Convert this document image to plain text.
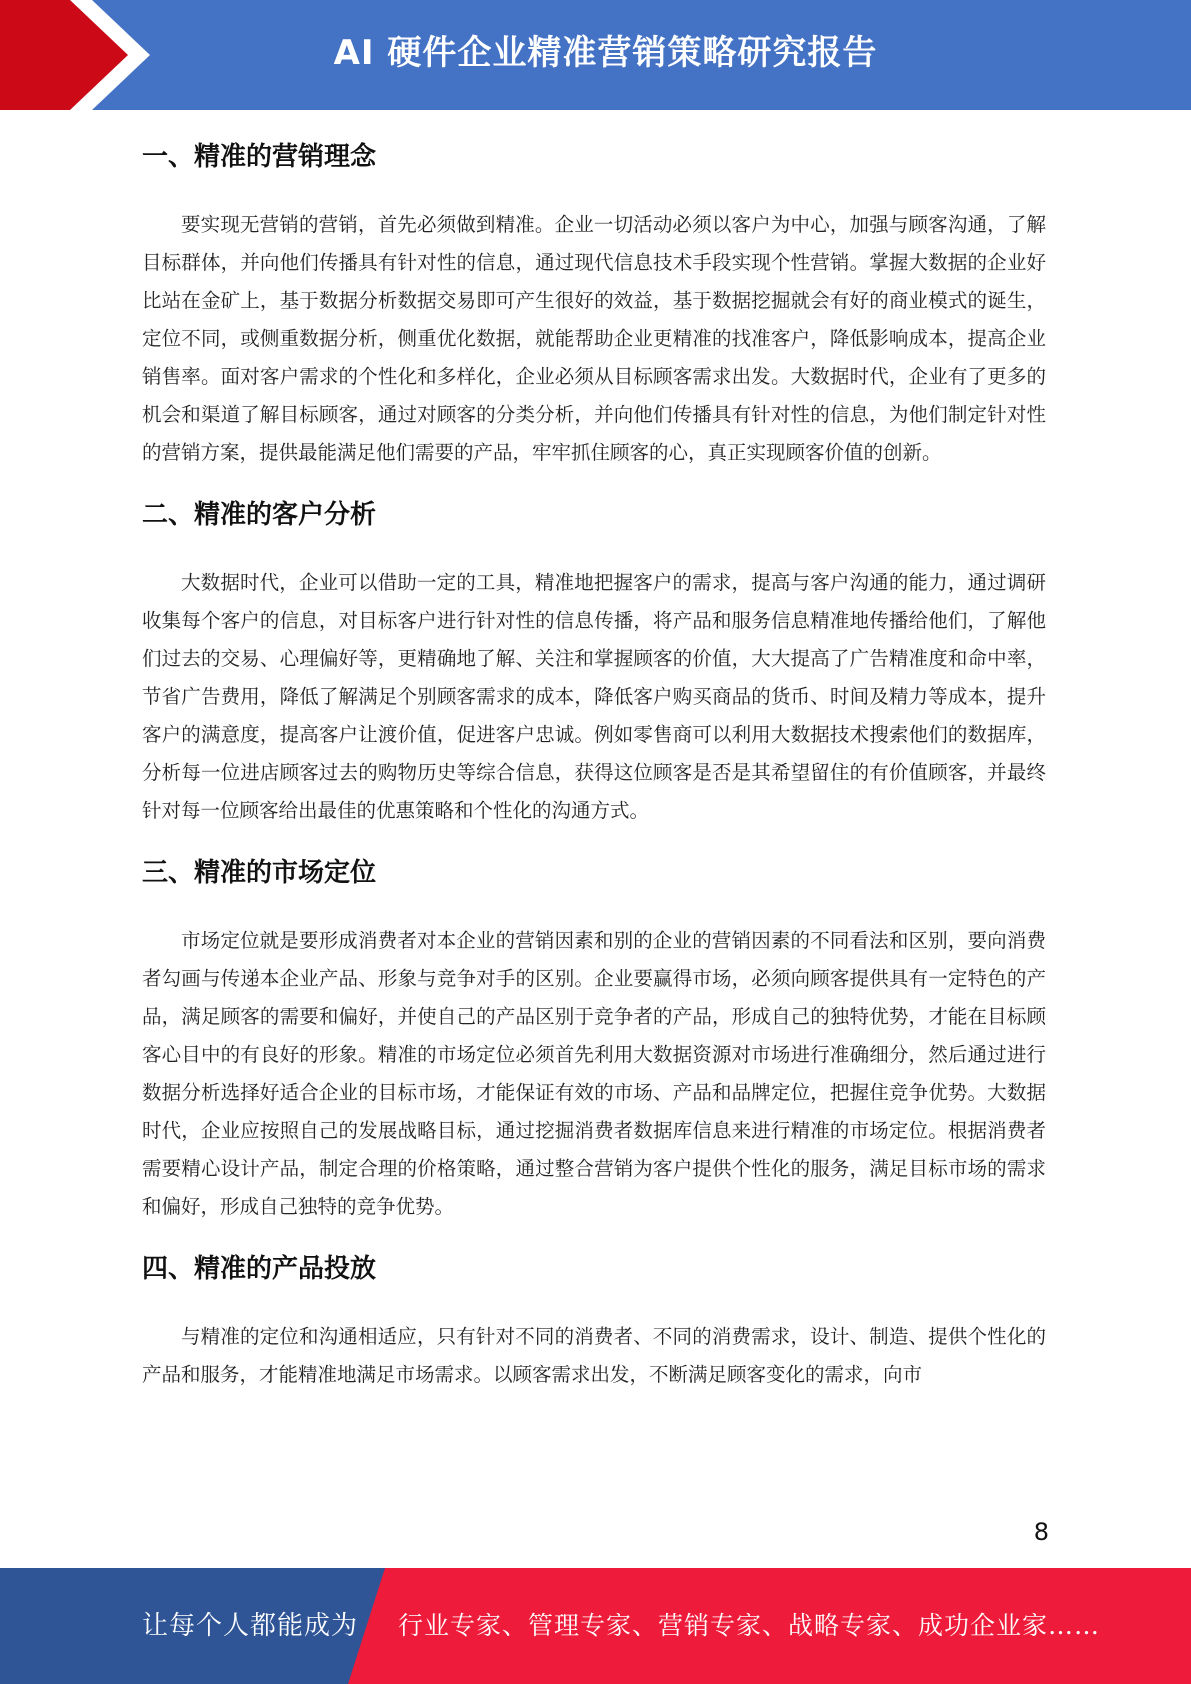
AI 硬件企业精准营销策略研究报告
一、精准的营销理念

要实现无营销的营销，首先必须做到精准。企业一切活动必须以客户为中心，加强与顾客沟通，了解目标群体，并向他们传播具有针对性的信息，通过现代信息技术手段实现个性营销。掌握大数据的企业好比站在金矿上，基于数据分析数据交易即可产生很好的效益，基于数据挖掘就会有好的商业模式的诞生，定位不同，或侧重数据分析，侧重优化数据，就能帮助企业更精准的找准客户，降低影响成本，提高企业销售率。面对客户需求的个性化和多样化，企业必须从目标顾客需求出发。大数据时代，企业有了更多的机会和渠道了解目标顾客，通过对顾客的分类分析，并向他们传播具有针对性的信息，为他们制定针对性的营销方案，提供最能满足他们需要的产品，牢牢抓住顾客的心，真正实现顾客价值的创新。

二、精准的客户分析

大数据时代，企业可以借助一定的工具，精准地把握客户的需求，提高与客户沟通的能力，通过调研收集每个客户的信息，对目标客户进行针对性的信息传播，将产品和服务信息精准地传播给他们，了解他们过去的交易、心理偏好等，更精确地了解、关注和掌握顾客的价值，大大提高了广告精准度和命中率，节省广告费用，降低了解满足个别顾客需求的成本，降低客户购买商品的货币、时间及精力等成本，提升客户的满意度，提高客户让渡价值，促进客户忠诚。例如零售商可以利用大数据技术搜索他们的数据库，分析每一位进店顾客过去的购物历史等综合信息，获得这位顾客是否是其希望留住的有价值顾客，并最终针对每一位顾客给出最佳的优惠策略和个性化的沟通方式。

三、精准的市场定位

市场定位就是要形成消费者对本企业的营销因素和别的企业的营销因素的不同看法和区别，要向消费者勾画与传递本企业产品、形象与竞争对手的区别。企业要赢得市场，必须向顾客提供具有一定特色的产品，满足顾客的需要和偏好，并使自己的产品区别于竞争者的产品，形成自己的独特优势，才能在目标顾客心目中的有良好的形象。精准的市场定位必须首先利用大数据资源对市场进行准确细分，然后通过进行数据分析选择好适合企业的目标市场，才能保证有效的市场、产品和品牌定位，把握住竞争优势。大数据时代，企业应按照自己的发展战略目标，通过挖掘消费者数据库信息来进行精准的市场定位。根据消费者需要精心设计产品，制定合理的价格策略，通过整合营销为客户提供个性化的服务，满足目标市场的需求和偏好，形成自己独特的竞争优势。

四、精准的产品投放

与精准的定位和沟通相适应，只有针对不同的消费者、不同的消费需求，设计、制造、提供个性化的产品和服务，才能精准地满足市场需求。以顾客需求出发，不断满足顾客变化的需求，向市

8
让每个人都能成为 行业专家、管理专家、营销专家、战略专家、成功企业家……
